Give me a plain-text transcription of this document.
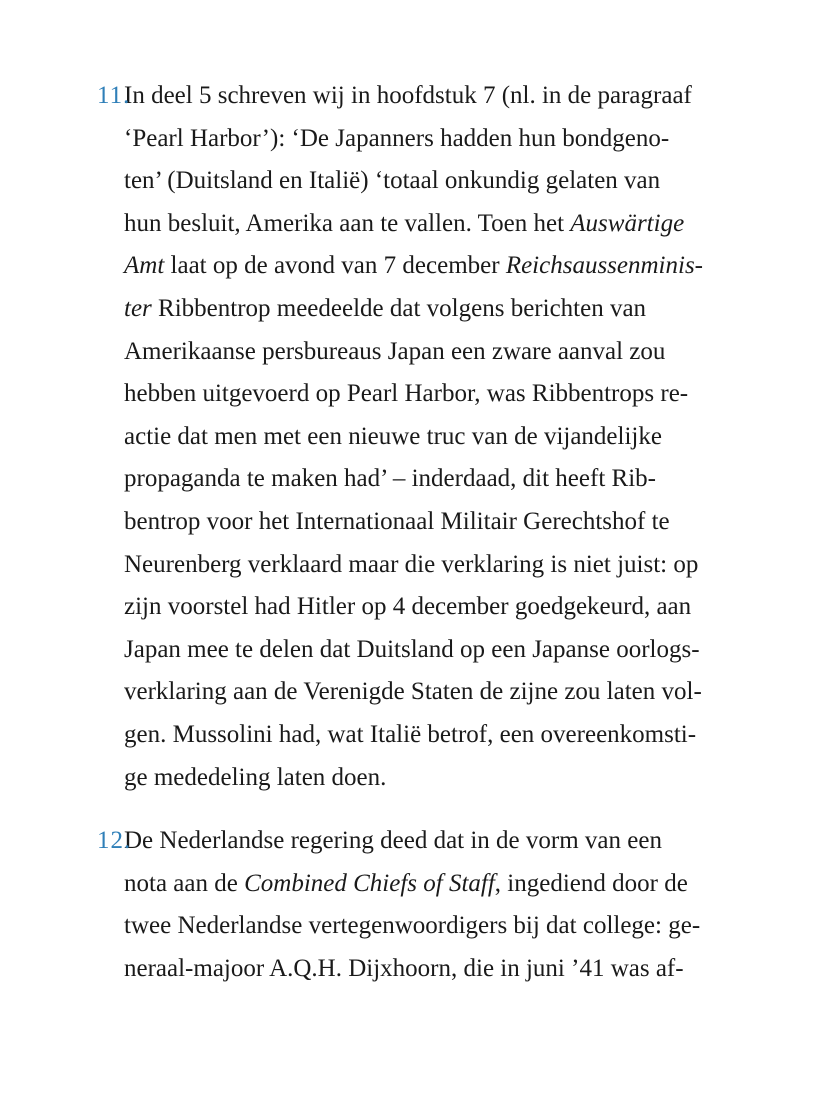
11.
In deel 5 schreven wij in hoofdstuk 7 (nl. in de paragraaf
‘Pearl Harbor’): ‘De Japanners hadden hun bondgeno-
ten’ (Duitsland en Italië) ‘totaal onkundig gelaten van
hun besluit, Amerika aan te vallen. Toen het Auswärtige
Amt laat op de avond van 7 december Reichsaussenminis-
ter Ribbentrop meedeelde dat volgens berichten van
Amerikaanse persbureaus Japan een zware aanval zou
hebben uitgevoerd op Pearl Harbor, was Ribbentrops re-
actie dat men met een nieuwe truc van de vijandelijke
propaganda te maken had’ – inderdaad, dit heeft Rib-
bentrop voor het Internationaal Militair Gerechtshof te
Neurenberg verklaard maar die verklaring is niet juist: op
zijn voorstel had Hitler op 4 december goedgekeurd, aan
Japan mee te delen dat Duitsland op een Japanse oorlogs-
verklaring aan de Verenigde Staten de zijne zou laten vol-
gen. Mussolini had, wat Italië betrof, een overeenkomsti-
ge mededeling laten doen.

12.
De Nederlandse regering deed dat in de vorm van een
nota aan de Combined Chiefs of Staff, ingediend door de
twee Nederlandse vertegenwoordigers bij dat college: ge-
neraal-majoor A.Q.H. Dijxhoorn, die in juni ’41 was af-
